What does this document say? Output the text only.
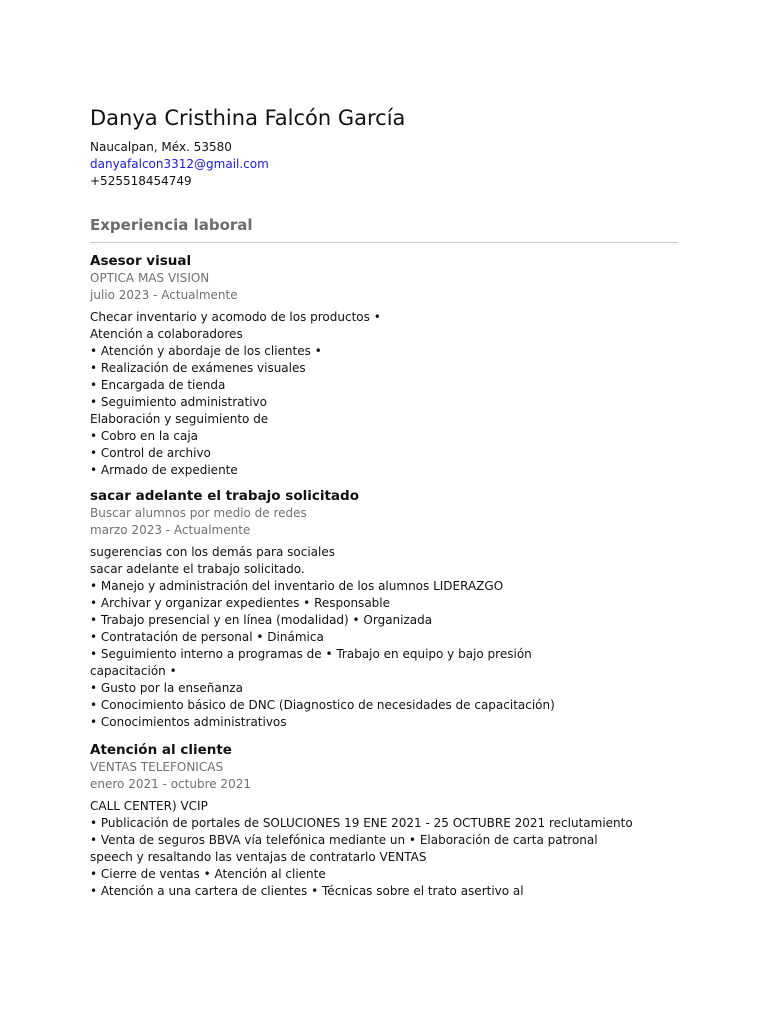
Danya Cristhina Falcón García
Naucalpan, Méx. 53580
danyafalcon3312@gmail.com
+525518454749
Experiencia laboral
Asesor visual
OPTICA MAS VISION
julio 2023 - Actualmente
Checar inventario y acomodo de los productos •
Atención a colaboradores
• Atención y abordaje de los clientes •
• Realización de exámenes visuales
• Encargada de tienda
• Seguimiento administrativo
Elaboración y seguimiento de
• Cobro en la caja
• Control de archivo
• Armado de expediente
sacar adelante el trabajo solicitado
Buscar alumnos por medio de redes
marzo 2023 - Actualmente
sugerencias con los demás para sociales
sacar adelante el trabajo solicitado.
• Manejo y administración del inventario de los alumnos LIDERAZGO
• Archivar y organizar expedientes • Responsable
• Trabajo presencial y en línea (modalidad) • Organizada
• Contratación de personal • Dinámica
• Seguimiento interno a programas de • Trabajo en equipo y bajo presión
capacitación •
• Gusto por la enseñanza
• Conocimiento básico de DNC (Diagnostico de necesidades de capacitación)
• Conocimientos administrativos
Atención al cliente
VENTAS TELEFONICAS
enero 2021 - octubre 2021
CALL CENTER) VCIP
• Publicación de portales de SOLUCIONES 19 ENE 2021 - 25 OCTUBRE 2021 reclutamiento
• Venta de seguros BBVA vía telefónica mediante un • Elaboración de carta patronal
speech y resaltando las ventajas de contratarlo VENTAS
• Cierre de ventas • Atención al cliente
• Atención a una cartera de clientes • Técnicas sobre el trato asertivo al
